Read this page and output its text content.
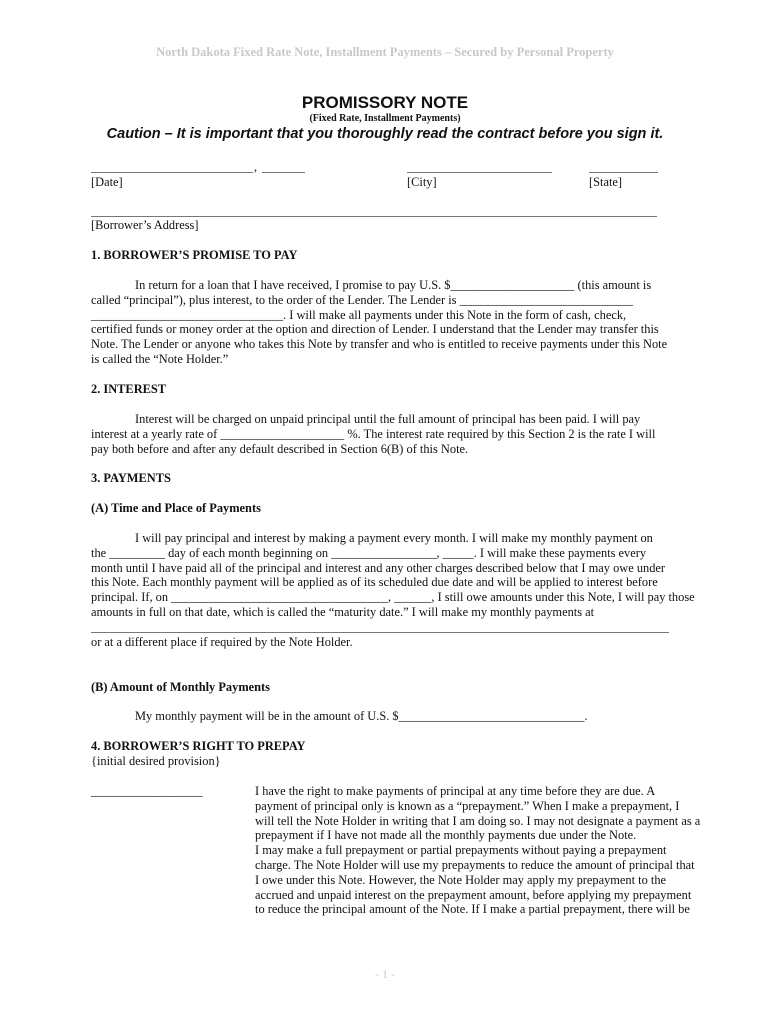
North Dakota Fixed Rate Note, Installment Payments – Secured by Personal Property
PROMISSORY NOTE
(Fixed Rate, Installment Payments)
Caution – It is important that you thoroughly read the contract before you sign it.
,
[Date]	[City]	[State]
[Borrower’s Address]
1. BORROWER’S PROMISE TO PAY
In return for a loan that I have received, I promise to pay U.S. $____________________ (this amount is
called “principal”), plus interest, to the order of the Lender. The Lender is ____________________________
_______________________________. I will make all payments under this Note in the form of cash, check,
certified funds or money order at the option and direction of Lender. I understand that the Lender may transfer this
Note. The Lender or anyone who takes this Note by transfer and who is entitled to receive payments under this Note
is called the “Note Holder.”
2. INTEREST
Interest will be charged on unpaid principal until the full amount of principal has been paid. I will pay
interest at a yearly rate of ____________________ %. The interest rate required by this Section 2 is the rate I will
pay both before and after any default described in Section 6(B) of this Note.
3. PAYMENTS
(A) Time and Place of Payments
I will pay principal and interest by making a payment every month. I will make my monthly payment on
the _________ day of each month beginning on _________________, _____. I will make these payments every
month until I have paid all of the principal and interest and any other charges described below that I may owe under
this Note. Each monthly payment will be applied as of its scheduled due date and will be applied to interest before
principal. If, on ___________________________________, ______, I still owe amounts under this Note, I will pay those
amounts in full on that date, which is called the “maturity date.” I will make my monthly payments at
or at a different place if required by the Note Holder.
(B) Amount of Monthly Payments
My monthly payment will be in the amount of U.S. $______________________________.
4. BORROWER’S RIGHT TO PREPAY
{initial desired provision}
__________________	I have the right to make payments of principal at any time before they are due. A
payment of principal only is known as a “prepayment.” When I make a prepayment, I
will tell the Note Holder in writing that I am doing so. I may not designate a payment as a
prepayment if I have not made all the monthly payments due under the Note.
I may make a full prepayment or partial prepayments without paying a prepayment
charge. The Note Holder will use my prepayments to reduce the amount of principal that
I owe under this Note. However, the Note Holder may apply my prepayment to the
accrued and unpaid interest on the prepayment amount, before applying my prepayment
to reduce the principal amount of the Note. If I make a partial prepayment, there will be
- 1 -
